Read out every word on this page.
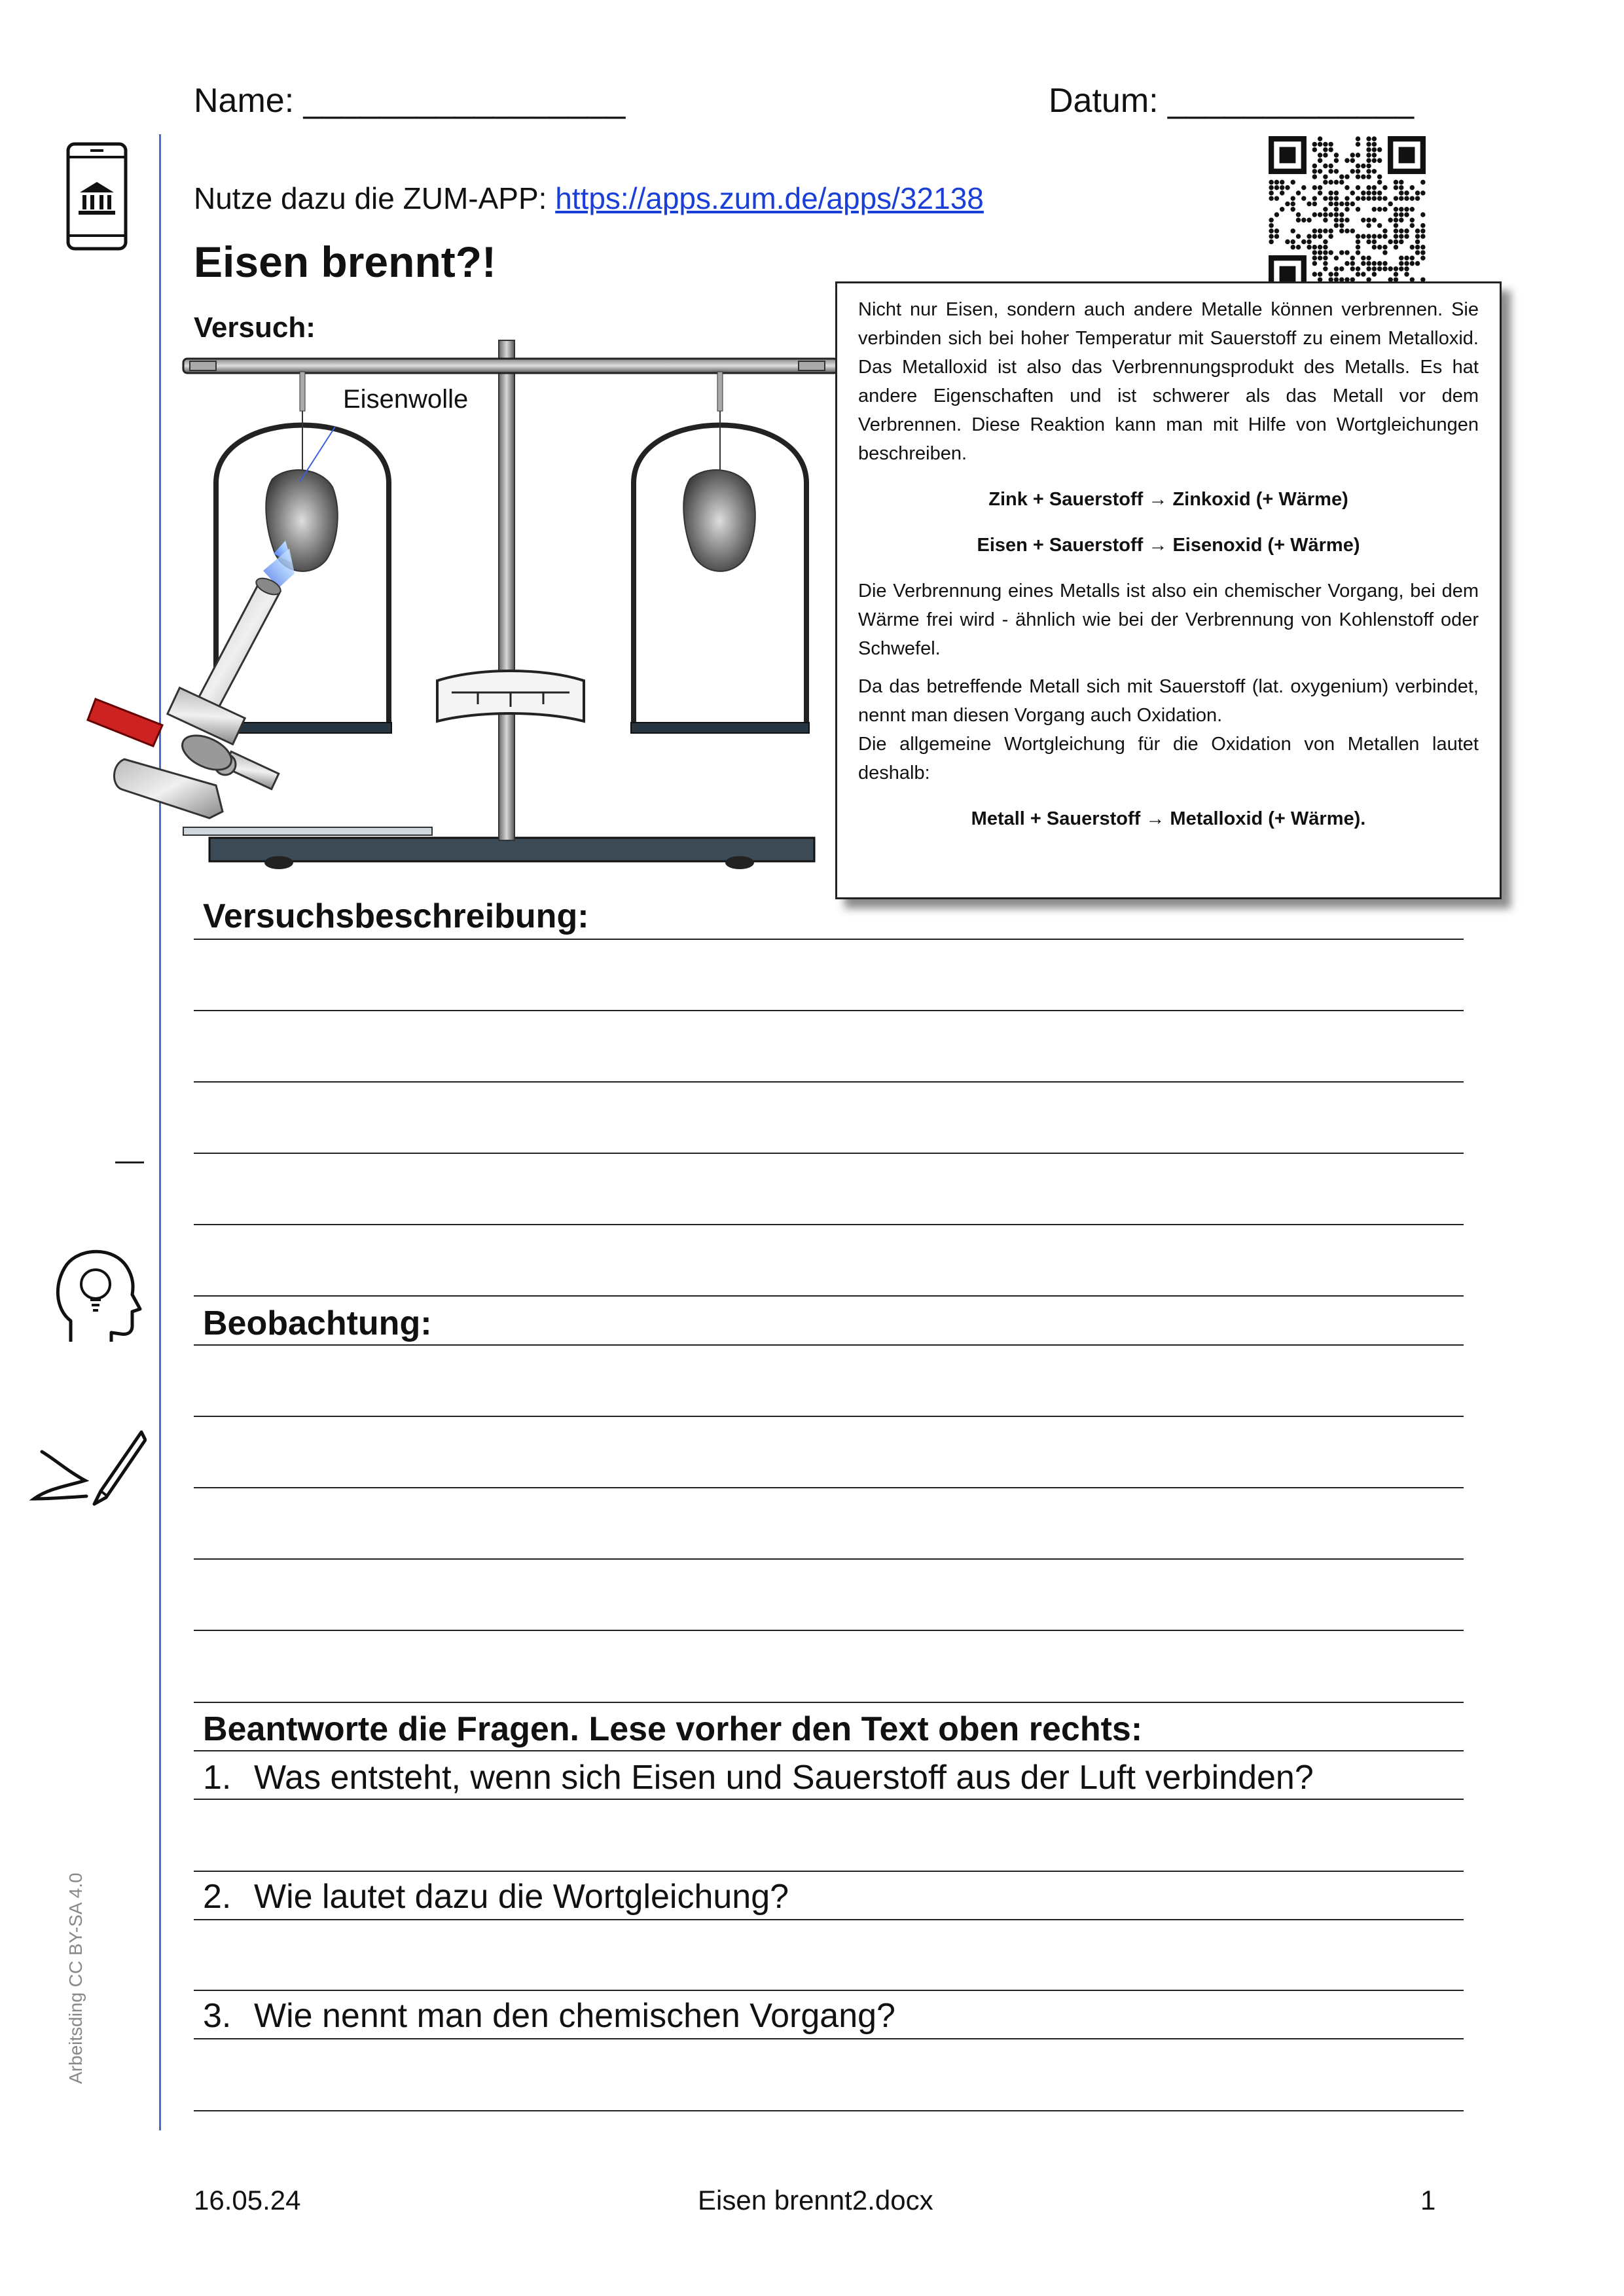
Name: _________________	Datum: _____________
—
Arbeitsding CC BY-SA 4.0
Nutze dazu die ZUM-APP: https://apps.zum.de/apps/32138
Eisen brennt?!
Versuch:
Eisenwolle

Nicht nur Eisen, sondern auch andere Metalle können verbrennen. Sie verbinden sich bei hoher Temperatur mit Sauerstoff zu einem Metalloxid. Das Metalloxid ist also das Verbrennungsprodukt des Metalls. Es hat andere Eigenschaften und ist schwerer als das Metall vor dem Verbrennen. Diese Reaktion kann man mit Hilfe von Wortgleichungen beschreiben.

Zink + Sauerstoff → Zinkoxid (+ Wärme)

Eisen + Sauerstoff → Eisenoxid (+ Wärme)

Die Verbrennung eines Metalls ist also ein chemischer Vorgang, bei dem Wärme frei wird - ähnlich wie bei der Verbrennung von Kohlenstoff oder Schwefel.

Da das betreffende Metall sich mit Sauerstoff (lat. oxygenium) verbindet, nennt man diesen Vorgang auch Oxidation.

Die allgemeine Wortgleichung für die Oxidation von Metallen lautet deshalb:

Metall + Sauerstoff → Metalloxid (+ Wärme).

Versuchsbeschreibung:
Beobachtung:
Beantworte die Fragen. Lese vorher den Text oben rechts:
1. Was entsteht, wenn sich Eisen und Sauerstoff aus der Luft verbinden?
2. Wie lautet dazu die Wortgleichung?
3. Wie nennt man den chemischen Vorgang?
16.05.24	Eisen brennt2.docx	1
